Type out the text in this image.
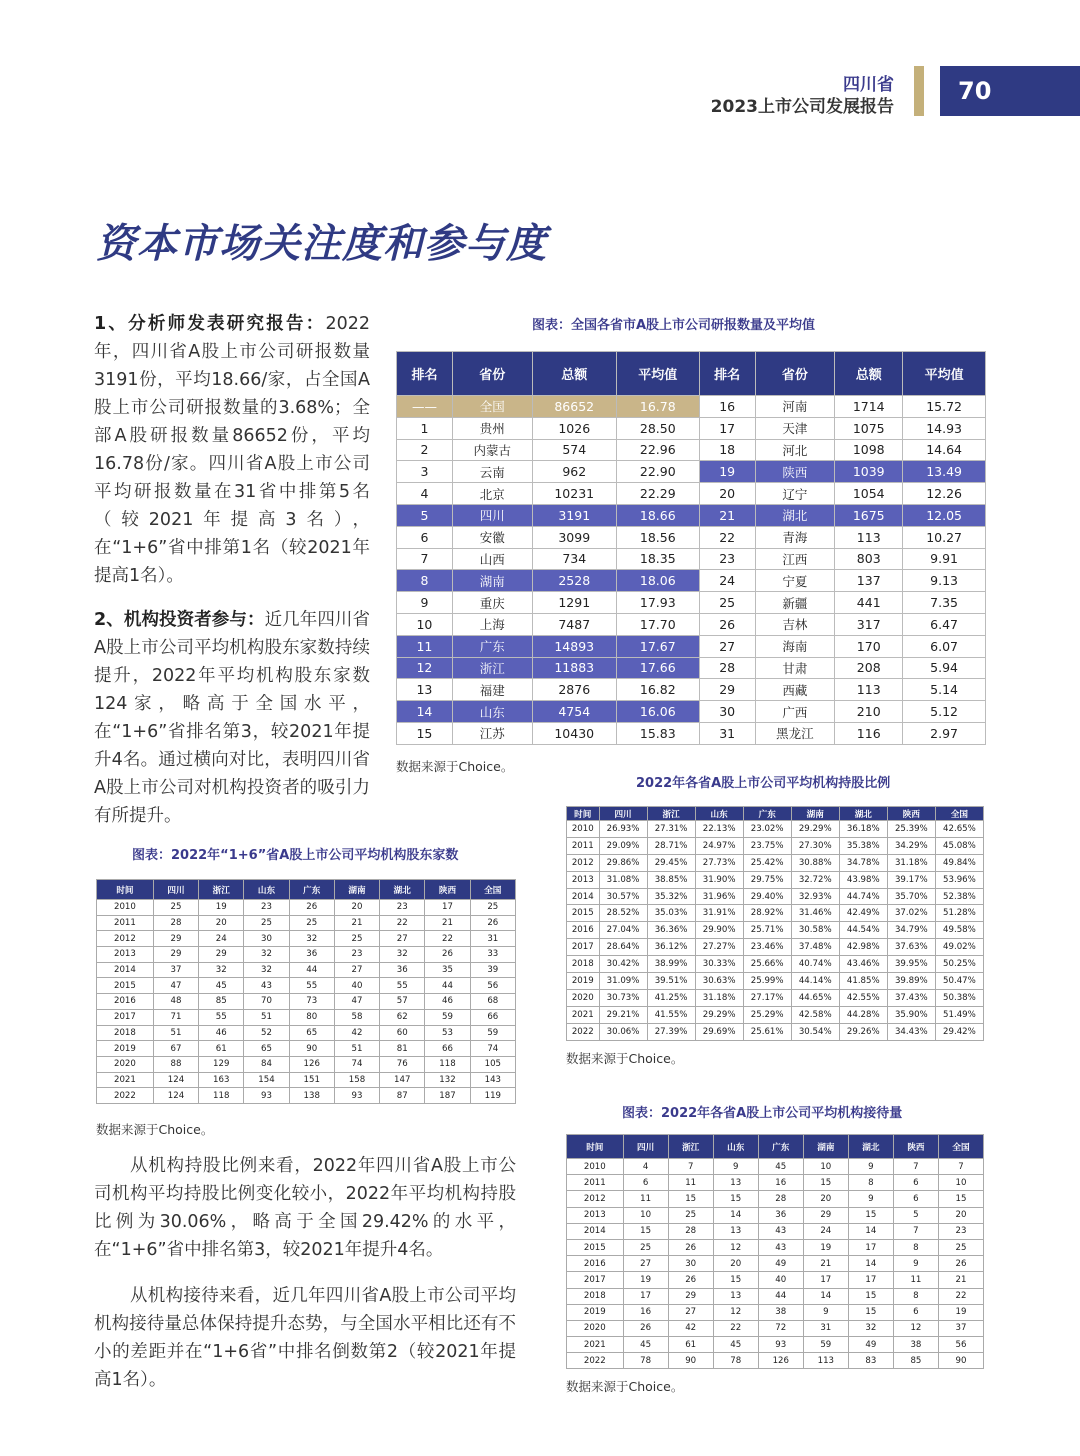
四川省
2023上市公司发展报告
70
资本市场关注度和参与度
1、分析师发表研究报告：2022年，四川省A股上市公司研报数量3191份，平均18.66/家，占全国A股上市公司研报数量的3.68%；全部A股研报数量86652份，平均16.78份/家。四川省A股上市公司平均研报数量在31省中排第5名（较2021年提高3名），在“1+6”省中排第1名（较2021年提高1名）。
2、机构投资者参与：近几年四川省A股上市公司平均机构股东家数持续提升，2022年平均机构股东家数124家，略高于全国水平，在“1+6”省排名第3，较2021年提升4名。通过横向对比，表明四川省A股上市公司对机构投资者的吸引力有所提升。
图表：全国各省市A股上市公司研报数量及平均值
排名	省份	总额	平均值	排名	省份	总额	平均值
——	全国	86652	16.78	16	河南	1714	15.72
1	贵州	1026	28.50	17	天津	1075	14.93
2	内蒙古	574	22.96	18	河北	1098	14.64
3	云南	962	22.90	19	陕西	1039	13.49
4	北京	10231	22.29	20	辽宁	1054	12.26
5	四川	3191	18.66	21	湖北	1675	12.05
6	安徽	3099	18.56	22	青海	113	10.27
7	山西	734	18.35	23	江西	803	9.91
8	湖南	2528	18.06	24	宁夏	137	9.13
9	重庆	1291	17.93	25	新疆	441	7.35
10	上海	7487	17.70	26	吉林	317	6.47
11	广东	14893	17.67	27	海南	170	6.07
12	浙江	11883	17.66	28	甘肃	208	5.94
13	福建	2876	16.82	29	西藏	113	5.14
14	山东	4754	16.06	30	广西	210	5.12
15	江苏	10430	15.83	31	黑龙江	116	2.97
数据来源于Choice。
图表：2022年“1+6”省A股上市公司平均机构股东家数
时间	四川	浙江	山东	广东	湖南	湖北	陕西	全国
2010	25	19	23	26	20	23	17	25
2011	28	20	25	25	21	22	21	26
2012	29	24	30	32	25	27	22	31
2013	29	29	32	36	23	32	26	33
2014	37	32	32	44	27	36	35	39
2015	47	45	43	55	40	55	44	56
2016	48	85	70	73	47	57	46	68
2017	71	55	51	80	58	62	59	66
2018	51	46	52	65	42	60	53	59
2019	67	61	65	90	51	81	66	74
2020	88	129	84	126	74	76	118	105
2021	124	163	154	151	158	147	132	143
2022	124	118	93	138	93	87	187	119
数据来源于Choice。
2022年各省A股上市公司平均机构持股比例
时间	四川	浙江	山东	广东	湖南	湖北	陕西	全国
2010	26.93%	27.31%	22.13%	23.02%	29.29%	36.18%	25.39%	42.65%
2011	29.09%	28.71%	24.97%	23.75%	27.30%	35.38%	34.29%	45.08%
2012	29.86%	29.45%	27.73%	25.42%	30.88%	34.78%	31.18%	49.84%
2013	31.08%	38.85%	31.90%	29.75%	32.72%	43.98%	39.17%	53.96%
2014	30.57%	35.32%	31.96%	29.40%	32.93%	44.74%	35.70%	52.38%
2015	28.52%	35.03%	31.91%	28.92%	31.46%	42.49%	37.02%	51.28%
2016	27.04%	36.36%	29.90%	25.71%	30.58%	44.54%	34.79%	49.58%
2017	28.64%	36.12%	27.27%	23.46%	37.48%	42.98%	37.63%	49.02%
2018	30.42%	38.99%	30.33%	25.66%	40.74%	43.46%	39.95%	50.25%
2019	31.09%	39.51%	30.63%	25.99%	44.14%	41.85%	39.89%	50.47%
2020	30.73%	41.25%	31.18%	27.17%	44.65%	42.55%	37.43%	50.38%
2021	29.21%	41.55%	29.29%	25.29%	42.58%	44.28%	35.90%	51.49%
2022	30.06%	27.39%	29.69%	25.61%	30.54%	29.26%	34.43%	29.42%
数据来源于Choice。
从机构持股比例来看，2022年四川省A股上市公司机构平均持股比例变化较小，2022年平均机构持股比例为30.06%，略高于全国29.42%的水平，在“1+6”省中排名第3，较2021年提升4名。
从机构接待来看，近几年四川省A股上市公司平均机构接待量总体保持提升态势，与全国水平相比还有不小的差距并在“1+6省”中排名倒数第2（较2021年提高1名）。
图表：2022年各省A股上市公司平均机构接待量
时间	四川	浙江	山东	广东	湖南	湖北	陕西	全国
2010	4	7	9	45	10	9	7	7
2011	6	11	13	16	15	8	6	10
2012	11	15	15	28	20	9	6	15
2013	10	25	14	36	29	15	5	20
2014	15	28	13	43	24	14	7	23
2015	25	26	12	43	19	17	8	25
2016	27	30	20	49	21	14	9	26
2017	19	26	15	40	17	17	11	21
2018	17	29	13	44	14	15	8	22
2019	16	27	12	38	9	15	6	19
2020	26	42	22	72	31	32	12	37
2021	45	61	45	93	59	49	38	56
2022	78	90	78	126	113	83	85	90
数据来源于Choice。
